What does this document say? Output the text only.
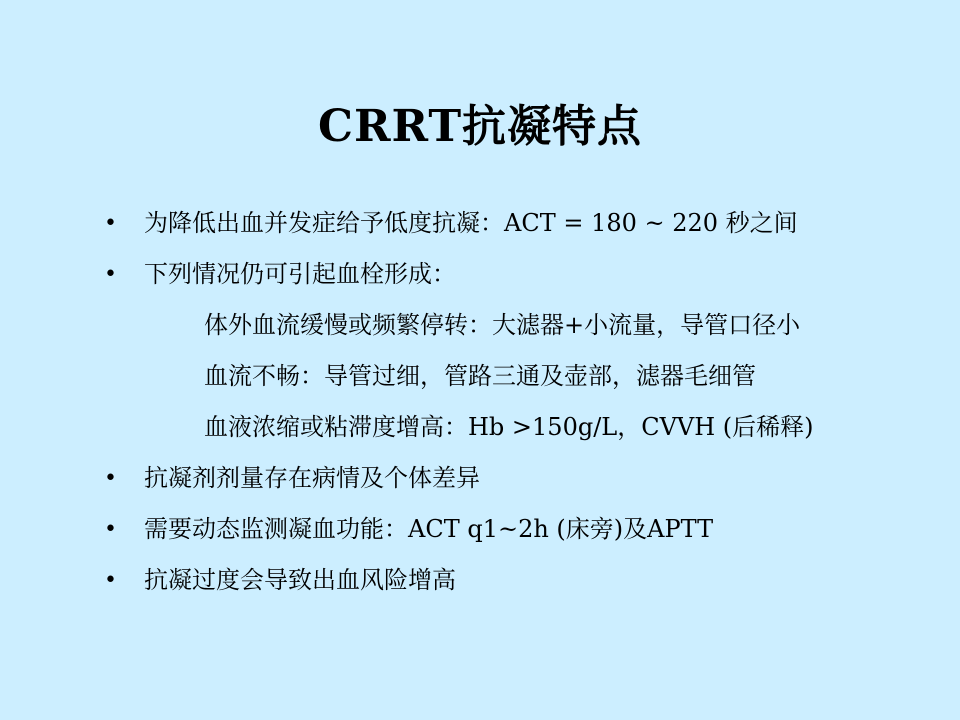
CRRT抗凝特点
• 为降低出血并发症给予低度抗凝：ACT = 180 ~ 220 秒之间
• 下列情况仍可引起血栓形成：
体外血流缓慢或频繁停转：大滤器+小流量，导管口径小
血流不畅：导管过细，管路三通及壶部，滤器毛细管
血液浓缩或粘滞度增高：Hb >150g/L，CVVH (后稀释)
• 抗凝剂剂量存在病情及个体差异
• 需要动态监测凝血功能：ACT q1~2h (床旁)及APTT
• 抗凝过度会导致出血风险增高
